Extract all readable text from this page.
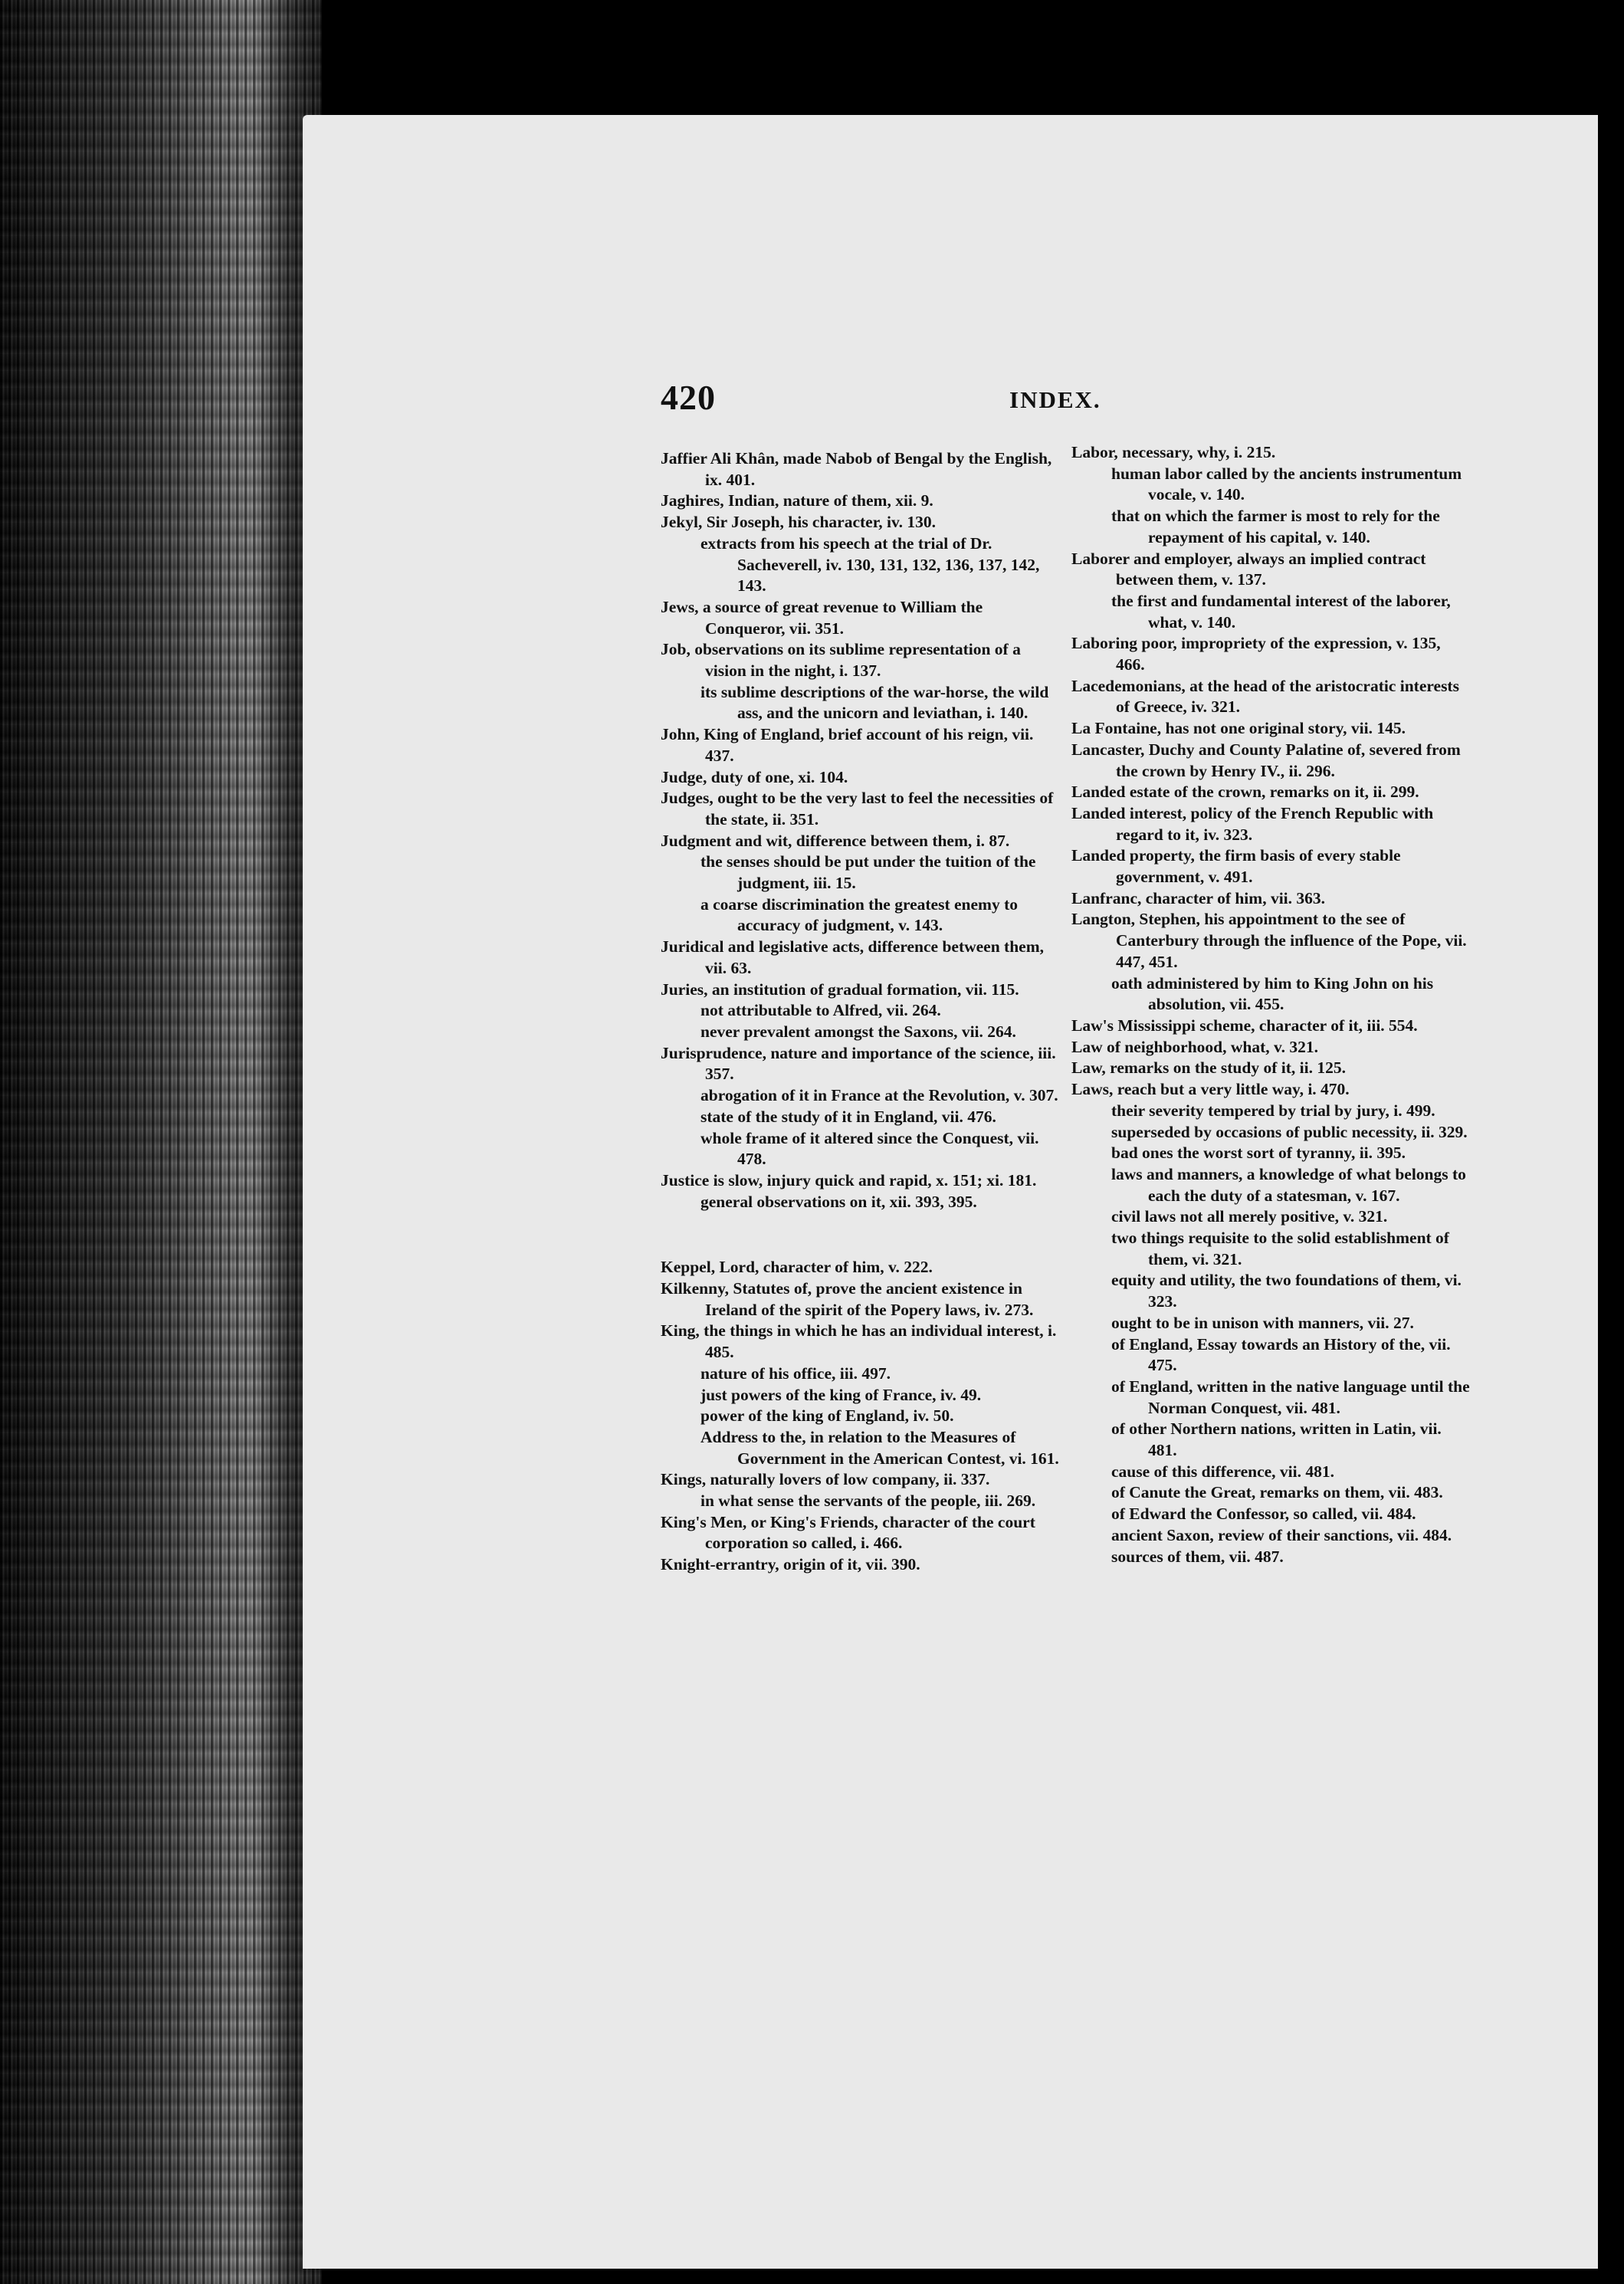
420	INDEX.
Jaffier Ali Khân, made Nabob of Bengal by the English, ix. 401.
Jaghires, Indian, nature of them, xii. 9.
Jekyl, Sir Joseph, his character, iv. 130.
extracts from his speech at the trial of Dr. Sacheverell, iv. 130, 131, 132, 136, 137, 142, 143.
Jews, a source of great revenue to William the Conqueror, vii. 351.
Job, observations on its sublime representation of a vision in the night, i. 137.
its sublime descriptions of the war-horse, the wild ass, and the unicorn and leviathan, i. 140.
John, King of England, brief account of his reign, vii. 437.
Judge, duty of one, xi. 104.
Judges, ought to be the very last to feel the necessities of the state, ii. 351.
Judgment and wit, difference between them, i. 87.
the senses should be put under the tuition of the judgment, iii. 15.
a coarse discrimination the greatest enemy to accuracy of judgment, v. 143.
Juridical and legislative acts, difference between them, vii. 63.
Juries, an institution of gradual formation, vii. 115.
not attributable to Alfred, vii. 264.
never prevalent amongst the Saxons, vii. 264.
Jurisprudence, nature and importance of the science, iii. 357.
abrogation of it in France at the Revolution, v. 307.
state of the study of it in England, vii. 476.
whole frame of it altered since the Conquest, vii. 478.
Justice is slow, injury quick and rapid, x. 151; xi. 181.
general observations on it, xii. 393, 395.
Keppel, Lord, character of him, v. 222.
Kilkenny, Statutes of, prove the ancient existence in Ireland of the spirit of the Popery laws, iv. 273.
King, the things in which he has an individual interest, i. 485.
nature of his office, iii. 497.
just powers of the king of France, iv. 49.
power of the king of England, iv. 50.
Address to the, in relation to the Measures of Government in the American Contest, vi. 161.
Kings, naturally lovers of low company, ii. 337.
in what sense the servants of the people, iii. 269.
King's Men, or King's Friends, character of the court corporation so called, i. 466.
Knight-errantry, origin of it, vii. 390.
Labor, necessary, why, i. 215.
human labor called by the ancients instrumentum vocale, v. 140.
that on which the farmer is most to rely for the repayment of his capital, v. 140.
Laborer and employer, always an implied contract between them, v. 137.
the first and fundamental interest of the laborer, what, v. 140.
Laboring poor, impropriety of the expression, v. 135, 466.
Lacedemonians, at the head of the aristocratic interests of Greece, iv. 321.
La Fontaine, has not one original story, vii. 145.
Lancaster, Duchy and County Palatine of, severed from the crown by Henry IV., ii. 296.
Landed estate of the crown, remarks on it, ii. 299.
Landed interest, policy of the French Republic with regard to it, iv. 323.
Landed property, the firm basis of every stable government, v. 491.
Lanfranc, character of him, vii. 363.
Langton, Stephen, his appointment to the see of Canterbury through the influence of the Pope, vii. 447, 451.
oath administered by him to King John on his absolution, vii. 455.
Law's Mississippi scheme, character of it, iii. 554.
Law of neighborhood, what, v. 321.
Law, remarks on the study of it, ii. 125.
Laws, reach but a very little way, i. 470.
their severity tempered by trial by jury, i. 499.
superseded by occasions of public necessity, ii. 329.
bad ones the worst sort of tyranny, ii. 395.
laws and manners, a knowledge of what belongs to each the duty of a statesman, v. 167.
civil laws not all merely positive, v. 321.
two things requisite to the solid establishment of them, vi. 321.
equity and utility, the two foundations of them, vi. 323.
ought to be in unison with manners, vii. 27.
of England, Essay towards an History of the, vii. 475.
of England, written in the native language until the Norman Conquest, vii. 481.
of other Northern nations, written in Latin, vii. 481.
cause of this difference, vii. 481.
of Canute the Great, remarks on them, vii. 483.
of Edward the Confessor, so called, vii. 484.
ancient Saxon, review of their sanctions, vii. 484.
sources of them, vii. 487.
